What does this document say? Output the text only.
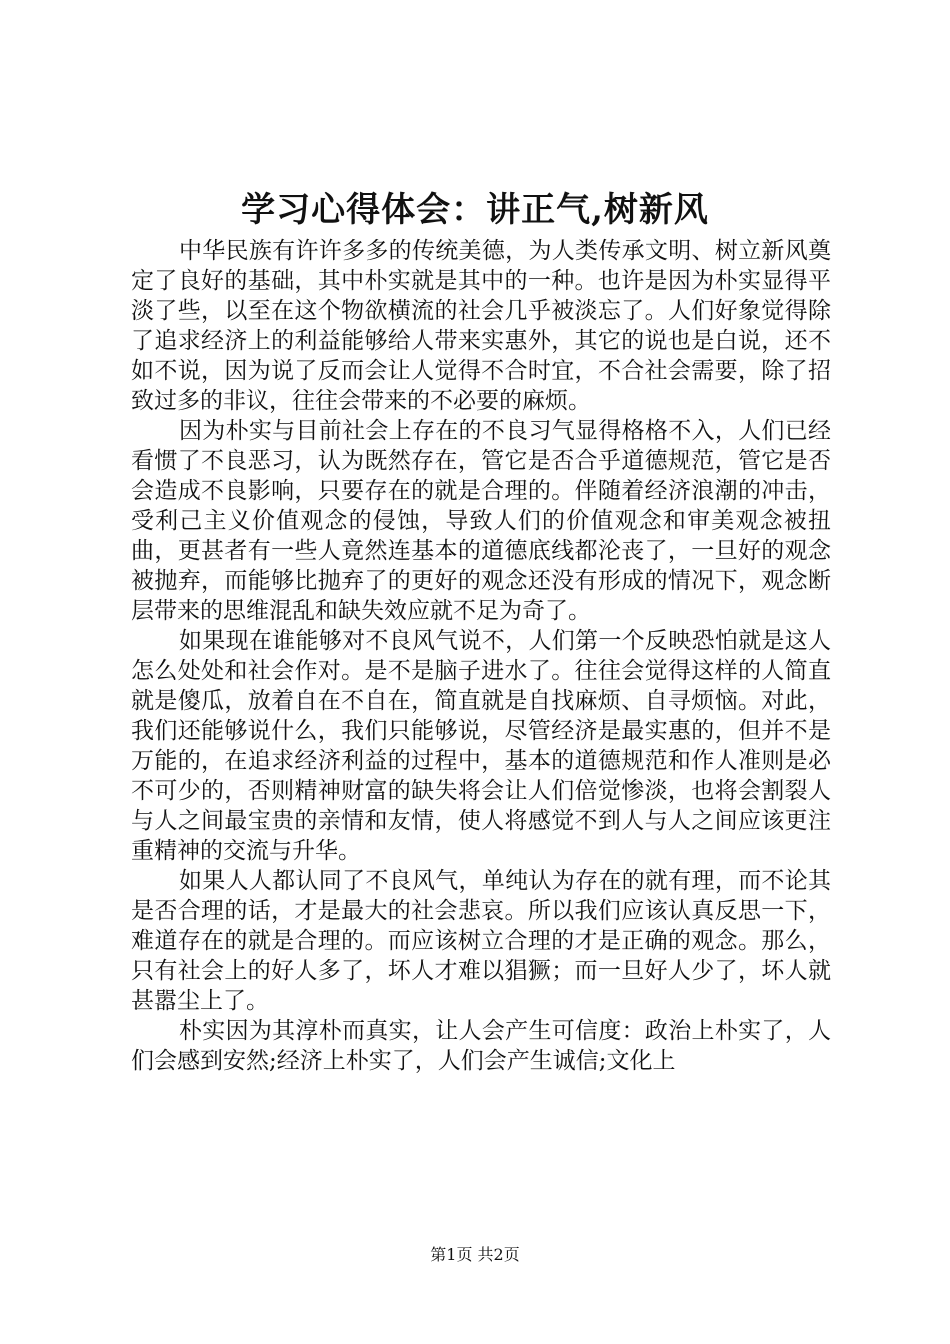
学习心得体会：讲正气,树新风

中华民族有许许多多的传统美德，为人类传承文明、树立新风奠定了良好的基础，其中朴实就是其中的一种。也许是因为朴实显得平淡了些，以至在这个物欲横流的社会几乎被淡忘了。人们好象觉得除了追求经济上的利益能够给人带来实惠外，其它的说也是白说，还不如不说，因为说了反而会让人觉得不合时宜，不合社会需要，除了招致过多的非议，往往会带来的不必要的麻烦。

因为朴实与目前社会上存在的不良习气显得格格不入，人们已经看惯了不良恶习，认为既然存在，管它是否合乎道德规范，管它是否会造成不良影响，只要存在的就是合理的。伴随着经济浪潮的冲击，受利己主义价值观念的侵蚀，导致人们的价值观念和审美观念被扭曲，更甚者有一些人竟然连基本的道德底线都沦丧了，一旦好的观念被抛弃，而能够比抛弃了的更好的观念还没有形成的情况下，观念断层带来的思维混乱和缺失效应就不足为奇了。

如果现在谁能够对不良风气说不，人们第一个反映恐怕就是这人怎么处处和社会作对。是不是脑子进水了。往往会觉得这样的人简直就是傻瓜，放着自在不自在，简直就是自找麻烦、自寻烦恼。对此，我们还能够说什么，我们只能够说，尽管经济是最实惠的，但并不是万能的，在追求经济利益的过程中，基本的道德规范和作人准则是必不可少的，否则精神财富的缺失将会让人们倍觉惨淡，也将会割裂人与人之间最宝贵的亲情和友情，使人将感觉不到人与人之间应该更注重精神的交流与升华。

如果人人都认同了不良风气，单纯认为存在的就有理，而不论其是否合理的话，才是最大的社会悲哀。所以我们应该认真反思一下，难道存在的就是合理的。而应该树立合理的才是正确的观念。那么，只有社会上的好人多了，坏人才难以猖獗；而一旦好人少了，坏人就甚嚣尘上了。

朴实因为其淳朴而真实，让人会产生可信度：政治上朴实了，人们会感到安然;经济上朴实了，人们会产生诚信;文化上

第1页 共2页
